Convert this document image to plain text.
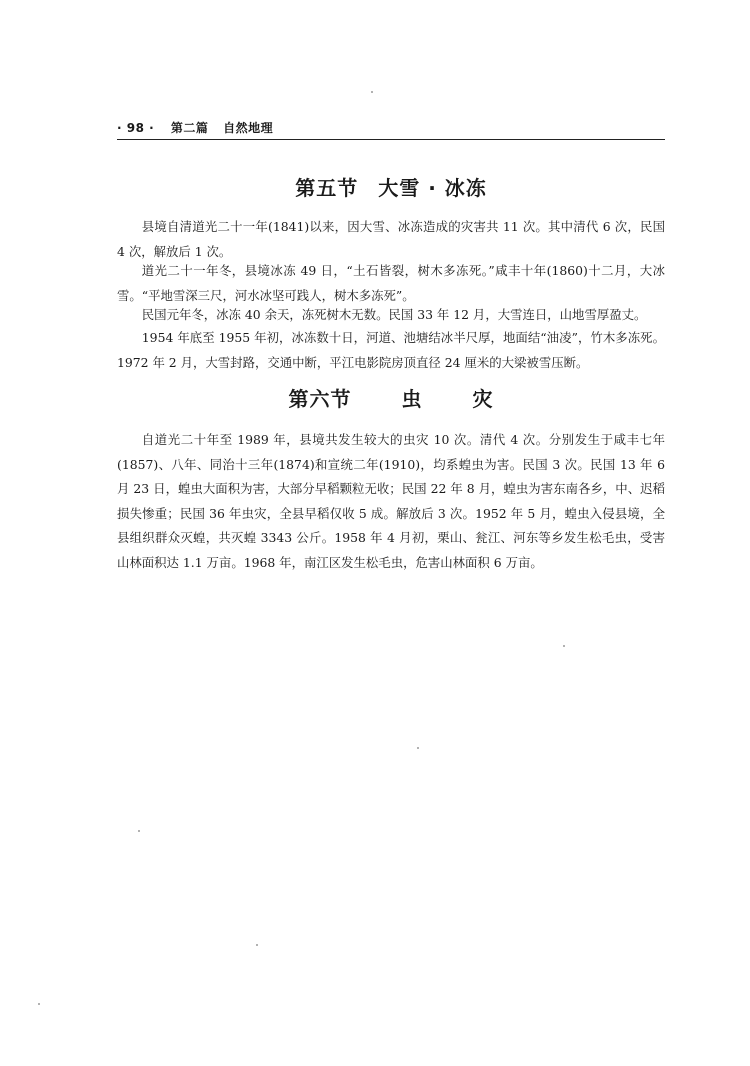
· 98 · 第二篇 自然地理
第五节 大雪 · 冰冻

县境自清道光二十一年(1841)以来，因大雪、冰冻造成的灾害共 11 次。其中清代 6 次，民国 4 次，解放后 1 次。

道光二十一年冬，县境冰冻 49 日，“土石皆裂，树木多冻死。”咸丰十年(1860)十二月，大冰雪。“平地雪深三尺，河水冰坚可践人，树木多冻死”。

民国元年冬，冰冻 40 余天，冻死树木无数。民国 33 年 12 月，大雪连日，山地雪厚盈丈。

1954 年底至 1955 年初，冰冻数十日，河道、池塘结冰半尺厚，地面结“油凌”，竹木多冻死。1972 年 2 月，大雪封路，交通中断，平江电影院房顶直径 24 厘米的大梁被雪压断。

第六节	虫	灾

自道光二十年至 1989 年，县境共发生较大的虫灾 10 次。清代 4 次。分别发生于咸丰七年(1857)、八年、同治十三年(1874)和宣统二年(1910)，均系蝗虫为害。民国 3 次。民国 13 年 6 月 23 日，蝗虫大面积为害，大部分早稻颗粒无收；民国 22 年 8 月，蝗虫为害东南各乡，中、迟稻损失惨重；民国 36 年虫灾，全县早稻仅收 5 成。解放后 3 次。1952 年 5 月，蝗虫入侵县境，全县组织群众灭蝗，共灭蝗 3343 公斤。1958 年 4 月初，栗山、瓮江、河东等乡发生松毛虫，受害山林面积达 1.1 万亩。1968 年，南江区发生松毛虫，危害山林面积 6 万亩。
